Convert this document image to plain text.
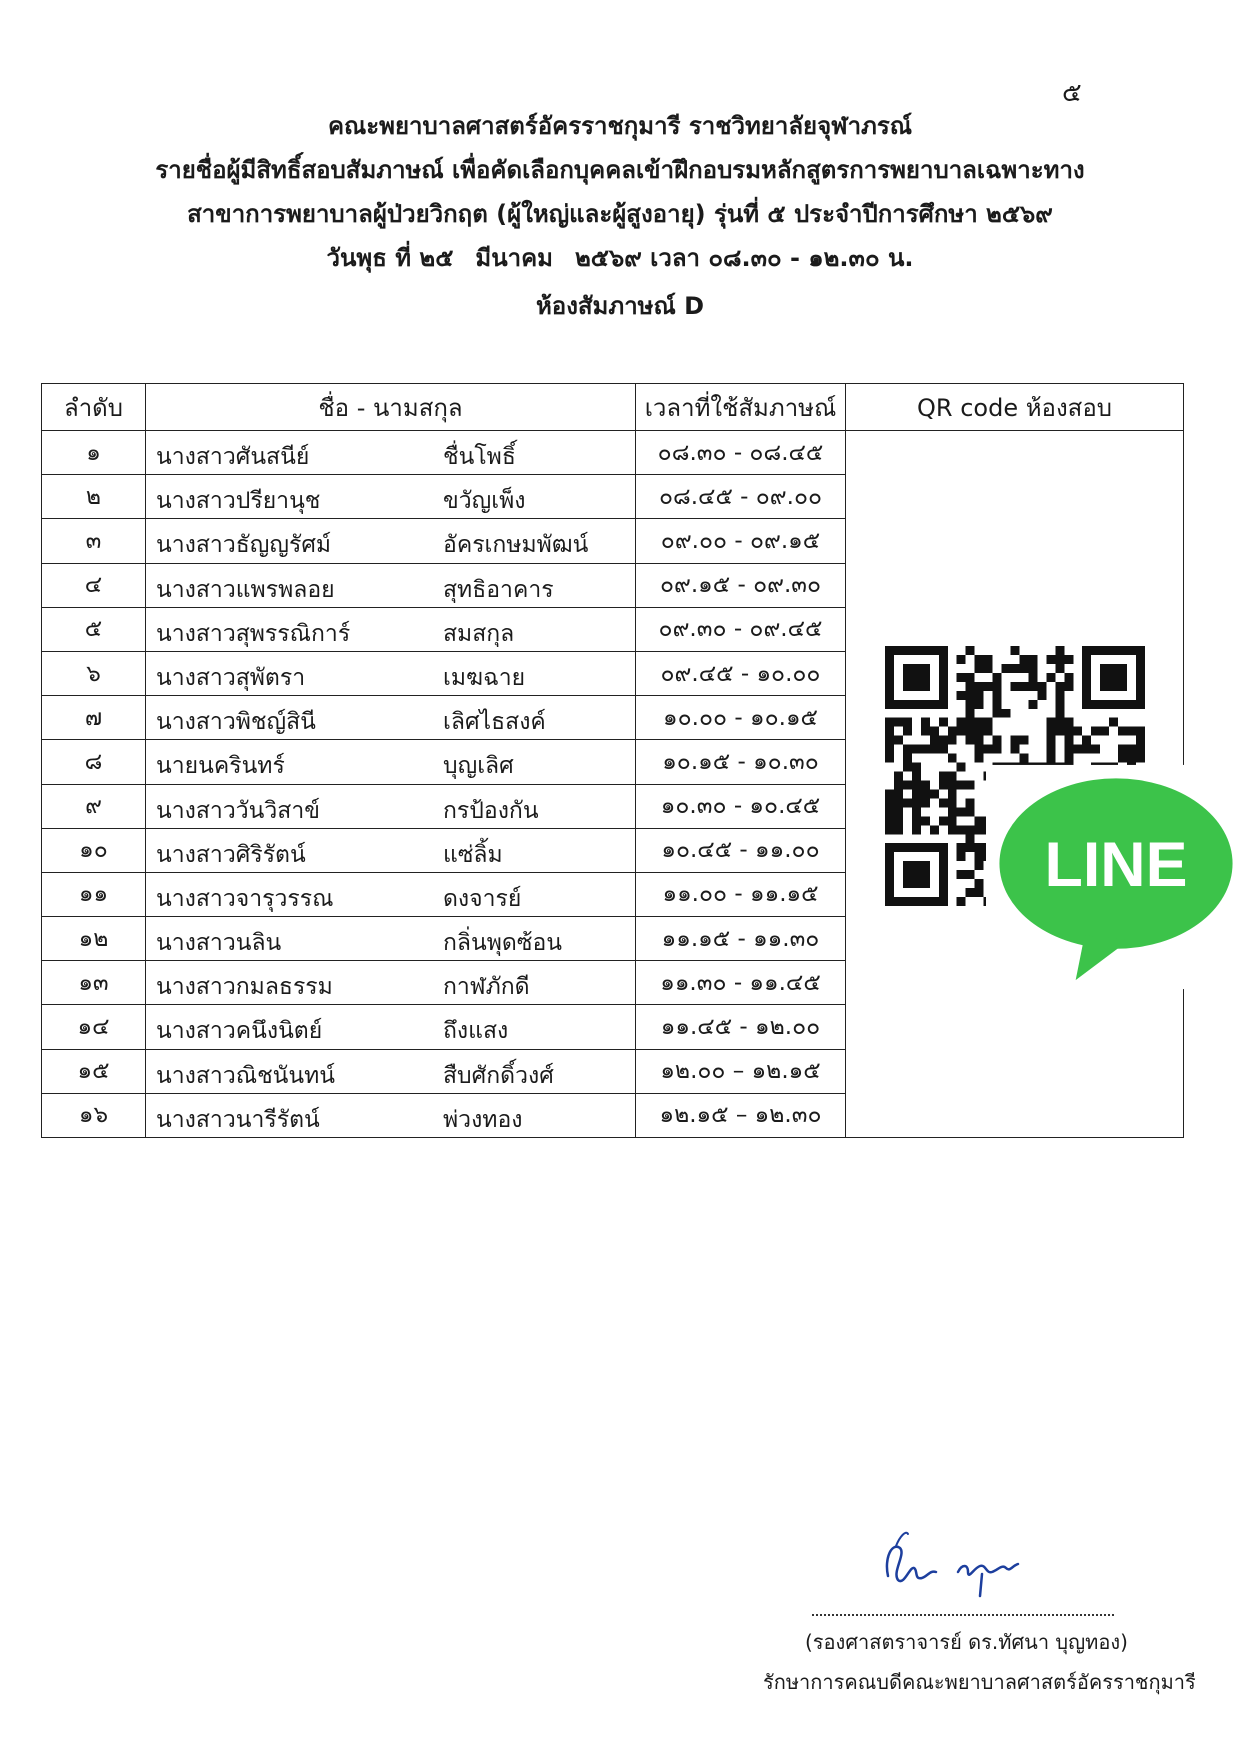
๕
คณะพยาบาลศาสตร์อัครราชกุมารี ราชวิทยาลัยจุฬาภรณ์
รายชื่อผู้มีสิทธิ์สอบสัมภาษณ์ เพื่อคัดเลือกบุคคลเข้าฝึกอบรมหลักสูตรการพยาบาลเฉพาะทาง
สาขาการพยาบาลผู้ป่วยวิกฤต (ผู้ใหญ่และผู้สูงอายุ) รุ่นที่ ๕ ประจำปีการศึกษา ๒๕๖๙
วันพุธ ที่ ๒๕ มีนาคม ๒๕๖๙ เวลา ๐๘.๓๐ - ๑๒.๓๐ น.
ห้องสัมภาษณ์ D
ลำดับ	ชื่อ - นามสกุล	เวลาที่ใช้สัมภาษณ์	QR code ห้องสอบ
๑	นางสาวศันสนีย์ ชื่นโพธิ์	๐๘.๓๐ - ๐๘.๔๕	LINE

๒	นางสาวปรียานุช ขวัญเพ็ง	๐๘.๔๕ - ๐๙.๐๐	
๓	นางสาวธัญญรัศม์ อัครเกษมพัฒน์	๐๙.๐๐ - ๐๙.๑๕	
๔	นางสาวแพรพลอย สุทธิอาคาร	๐๙.๑๕ - ๐๙.๓๐	
๕	นางสาวสุพรรณิการ์ สมสกุล	๐๙.๓๐ - ๐๙.๔๕	
๖	นางสาวสุพัตรา เมฆฉาย	๐๙.๔๕ - ๑๐.๐๐	
๗	นางสาวพิชญ์สินี เลิศไธสงค์	๑๐.๐๐ - ๑๐.๑๕	
๘	นายนครินทร์ บุญเลิศ	๑๐.๑๕ - ๑๐.๓๐	
๙	นางสาววันวิสาข์ กรป้องกัน	๑๐.๓๐ - ๑๐.๔๕	
๑๐	นางสาวศิริรัตน์ แซ่ลิ้ม	๑๐.๔๕ - ๑๑.๐๐	
๑๑	นางสาวจารุวรรณ ดงจารย์	๑๑.๐๐ - ๑๑.๑๕	
๑๒	นางสาวนลิน กลิ่นพุดซ้อน	๑๑.๑๕ - ๑๑.๓๐	
๑๓	นางสาวกมลธรรม กาฬภักดี	๑๑.๓๐ - ๑๑.๔๕	
๑๔	นางสาวคนึงนิตย์ ถึงแสง	๑๑.๔๕ - ๑๒.๐๐	
๑๕	นางสาวณิชนันทน์ สืบศักดิ์วงศ์	๑๒.๐๐ – ๑๒.๑๕	
๑๖	นางสาวนารีรัตน์ พ่วงทอง	๑๒.๑๕ – ๑๒.๓๐	
(รองศาสตราจารย์ ดร.ทัศนา บุญทอง)
รักษาการคณบดีคณะพยาบาลศาสตร์อัครราชกุมารี
